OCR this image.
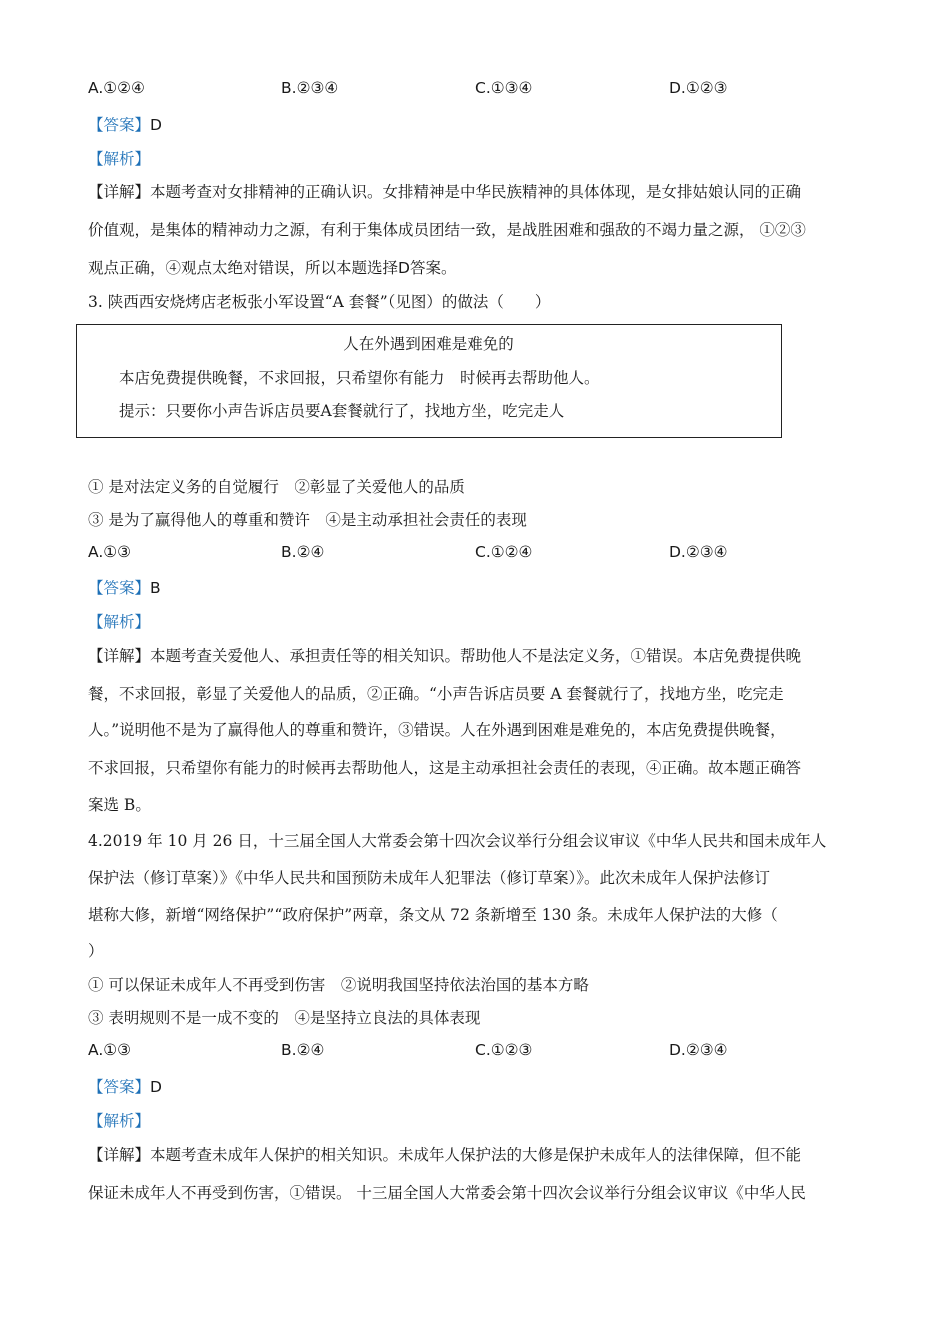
A.①②④	B.②③④	C.①③④	D.①②③
【答案】D
【解析】
【详解】本题考查对女排精神的正确认识。女排精神是中华民族精神的具体体现，是女排姑娘认同的正确
价值观，是集体的精神动力之源，有利于集体成员团结一致，是战胜困难和强敌的不竭力量之源， ①②③
观点正确，④观点太绝对错误，所以本题选择D答案。
3. 陕西西安烧烤店老板张小军设置“A 套餐”（见图）的做法（　　）
人在外遇到困难是难免的
本店免费提供晚餐，不求回报，只希望你有能力　时候再去帮助他人。
提示：只要你小声告诉店员要A套餐就行了，找地方坐，吃完走人
① 是对法定义务的自觉履行　②彰显了关爱他人的品质
③ 是为了赢得他人的尊重和赞许　④是主动承担社会责任的表现
A.①③	B.②④	C.①②④	D.②③④
【答案】B
【解析】
【详解】本题考查关爱他人、承担责任等的相关知识。帮助他人不是法定义务，①错误。本店免费提供晚
餐，不求回报，彰显了关爱他人的品质，②正确。“小声告诉店员要 A 套餐就行了，找地方坐，吃完走
人。”说明他不是为了赢得他人的尊重和赞许，③错误。人在外遇到困难是难免的，本店免费提供晚餐，
不求回报，只希望你有能力的时候再去帮助他人，这是主动承担社会责任的表现，④正确。故本题正确答
案选 B。
4.2019 年 10 月 26 日，十三届全国人大常委会第十四次会议举行分组会议审议《中华人民共和国未成年人
保护法（修订草案）》《中华人民共和国预防未成年人犯罪法（修订草案）》。此次未成年人保护法修订
堪称大修，新增“网络保护”“政府保护”两章，条文从 72 条新增至 130 条。未成年人保护法的大修（
）
① 可以保证未成年人不再受到伤害　②说明我国坚持依法治国的基本方略
③ 表明规则不是一成不变的　④是坚持立良法的具体表现
A.①③	B.②④	C.①②③	D.②③④
【答案】D
【解析】
【详解】本题考查未成年人保护的相关知识。未成年人保护法的大修是保护未成年人的法律保障，但不能
保证未成年人不再受到伤害，①错误。 十三届全国人大常委会第十四次会议举行分组会议审议《中华人民
